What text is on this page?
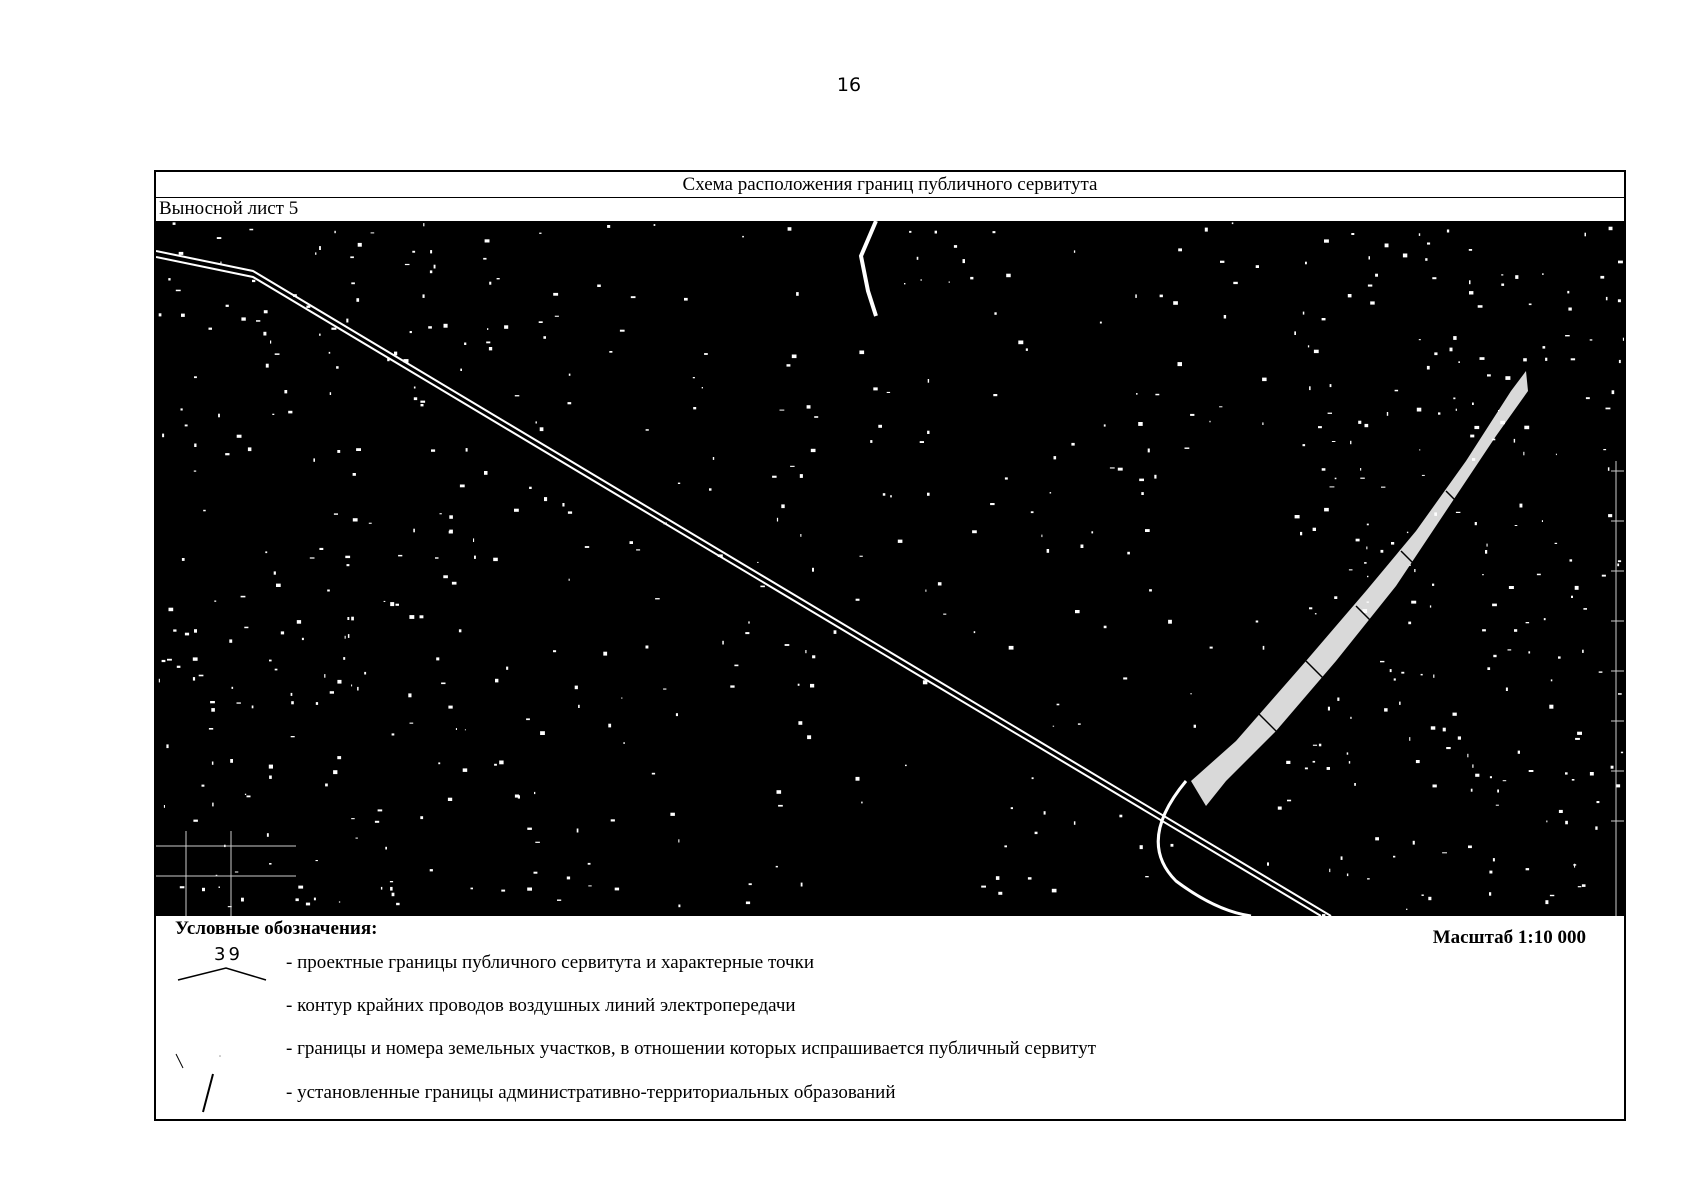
16
Схема расположения границ публичного сервитута
Выносной лист 5
Условные обозначения:	Масштаб 1:10 000
39 - проектные границы публичного сервитута и характерные точки
- контур крайних проводов воздушных линий электропередачи
- границы и номера земельных участков, в отношении которых испрашивается публичный сервитут
- установленные границы административно-территориальных образований
